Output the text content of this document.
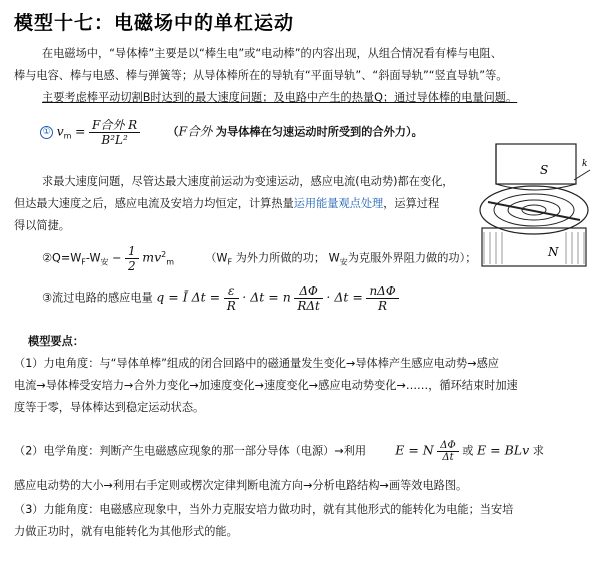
模型十七：电磁场中的单杠运动
在电磁场中，“导体棒”主要是以“棒生电”或“电动棒”的内容出现，从组合情况看有棒与电阻、
棒与电容、棒与电感、棒与弹簧等；从导体棒所在的导轨有“平面导轨”、“斜面导轨”“竖直导轨”等。
主要考虑棒平动切割B时达到的最大速度问题；及电路中产生的热量Q；通过导体棒的电量问题。
① $v_m = \frac{\text{F合外 R}}{\text{B²L²}} (F$合外 为导体棒在匀速运动时所受到的合外力）。
求最大速度问题，尽管达最大速度前运动为变速运动，感应电流(电动势)都在变化，
但达最大速度之后，感应电流及安培力均恒定，计算热量运用能量观点处理，运算过程
得以简捷。
$②Q=W_F-W_安 - \frac{1}{2} mv^2_m$	（$W_F$ 为外力所做的功； $W_安$为克服外界阻力做的功）；
③流过电路的感应电量 q = Ī $\Delta t = \frac{\varepsilon}{R} \cdot \Delta t = n \frac{\Delta\Phi}{\text{RΔt}} \cdot \Delta t = \frac{\text{nΔΦ}}{R}$
S
N
k
模型要点：
（1）力电角度：与“导体单棒”组成的闭合回路中的磁通量发生变化→导体棒产生感应电动势→感应
电流→导体棒受安培力→合外力变化→加速度变化→速度变化→感应电动势变化→……，循环结束时加速
度等于零，导体棒达到稳定运动状态。
（2）电学角度：判断产生电磁感应现象的那一部分导体（电源）→利用 E = N $\frac{\Delta\Phi}{\Delta t}$ 或 E = BLv 求
感应电动势的大小→利用右手定则或楞次定律判断电流方向→分析电路结构→画等效电路图。
（3）力能角度：电磁感应现象中，当外力克服安培力做功时，就有其他形式的能转化为电能；当安培
力做正功时，就有电能转化为其他形式的能。
